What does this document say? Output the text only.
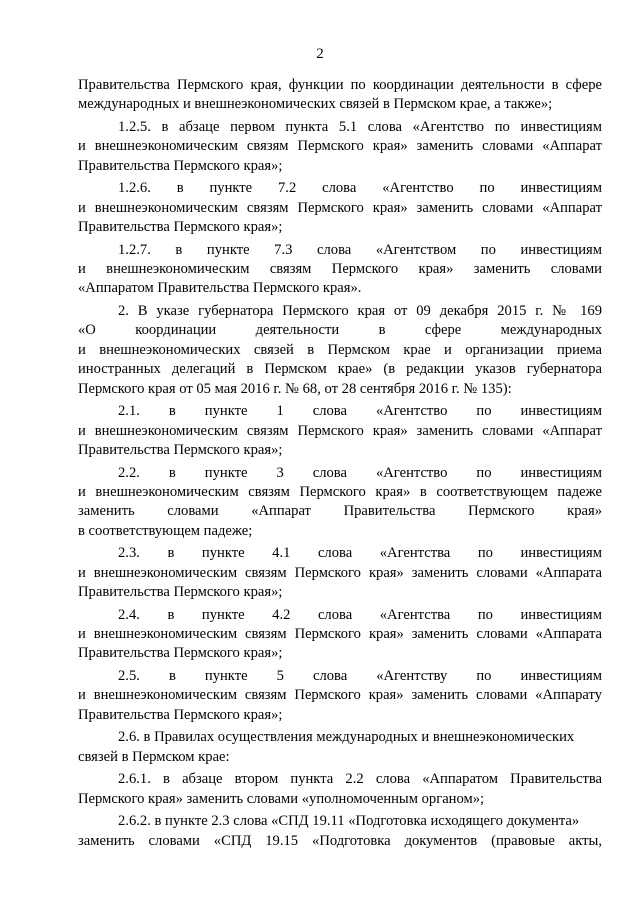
2
Правительства Пермского края, функции по координации деятельности в сфере
международных и внешнеэкономических связей в Пермском крае, а также»;
1.2.5. в абзаце первом пункта 5.1 слова «Агентство по инвестициям
и внешнеэкономическим связям Пермского края» заменить словами «Аппарат
Правительства Пермского края»;
1.2.6. в пункте 7.2 слова «Агентство по инвестициям
и внешнеэкономическим связям Пермского края» заменить словами «Аппарат
Правительства Пермского края»;
1.2.7. в пункте 7.3 слова «Агентством по инвестициям
и внешнеэкономическим связям Пермского края» заменить словами
«Аппаратом Правительства Пермского края».
2. В указе губернатора Пермского края от 09 декабря 2015 г. № 169
«О координации деятельности в сфере международных
и внешнеэкономических связей в Пермском крае и организации приема
иностранных делегаций в Пермском крае» (в редакции указов губернатора
Пермского края от 05 мая 2016 г. № 68, от 28 сентября 2016 г. № 135):
2.1. в пункте 1 слова «Агентство по инвестициям
и внешнеэкономическим связям Пермского края» заменить словами «Аппарат
Правительства Пермского края»;
2.2. в пункте 3 слова «Агентство по инвестициям
и внешнеэкономическим связям Пермского края» в соответствующем падеже
заменить словами «Аппарат Правительства Пермского края»
в соответствующем падеже;
2.3. в пункте 4.1 слова «Агентства по инвестициям
и внешнеэкономическим связям Пермского края» заменить словами «Аппарата
Правительства Пермского края»;
2.4. в пункте 4.2 слова «Агентства по инвестициям
и внешнеэкономическим связям Пермского края» заменить словами «Аппарата
Правительства Пермского края»;
2.5. в пункте 5 слова «Агентству по инвестициям
и внешнеэкономическим связям Пермского края» заменить словами «Аппарату
Правительства Пермского края»;
2.6. в Правилах осуществления международных и внешнеэкономических
связей в Пермском крае:
2.6.1. в абзаце втором пункта 2.2 слова «Аппаратом Правительства
Пермского края» заменить словами «уполномоченным органом»;
2.6.2. в пункте 2.3 слова «СПД 19.11 «Подготовка исходящего документа»
заменить словами «СПД 19.15 «Подготовка документов (правовые акты,
